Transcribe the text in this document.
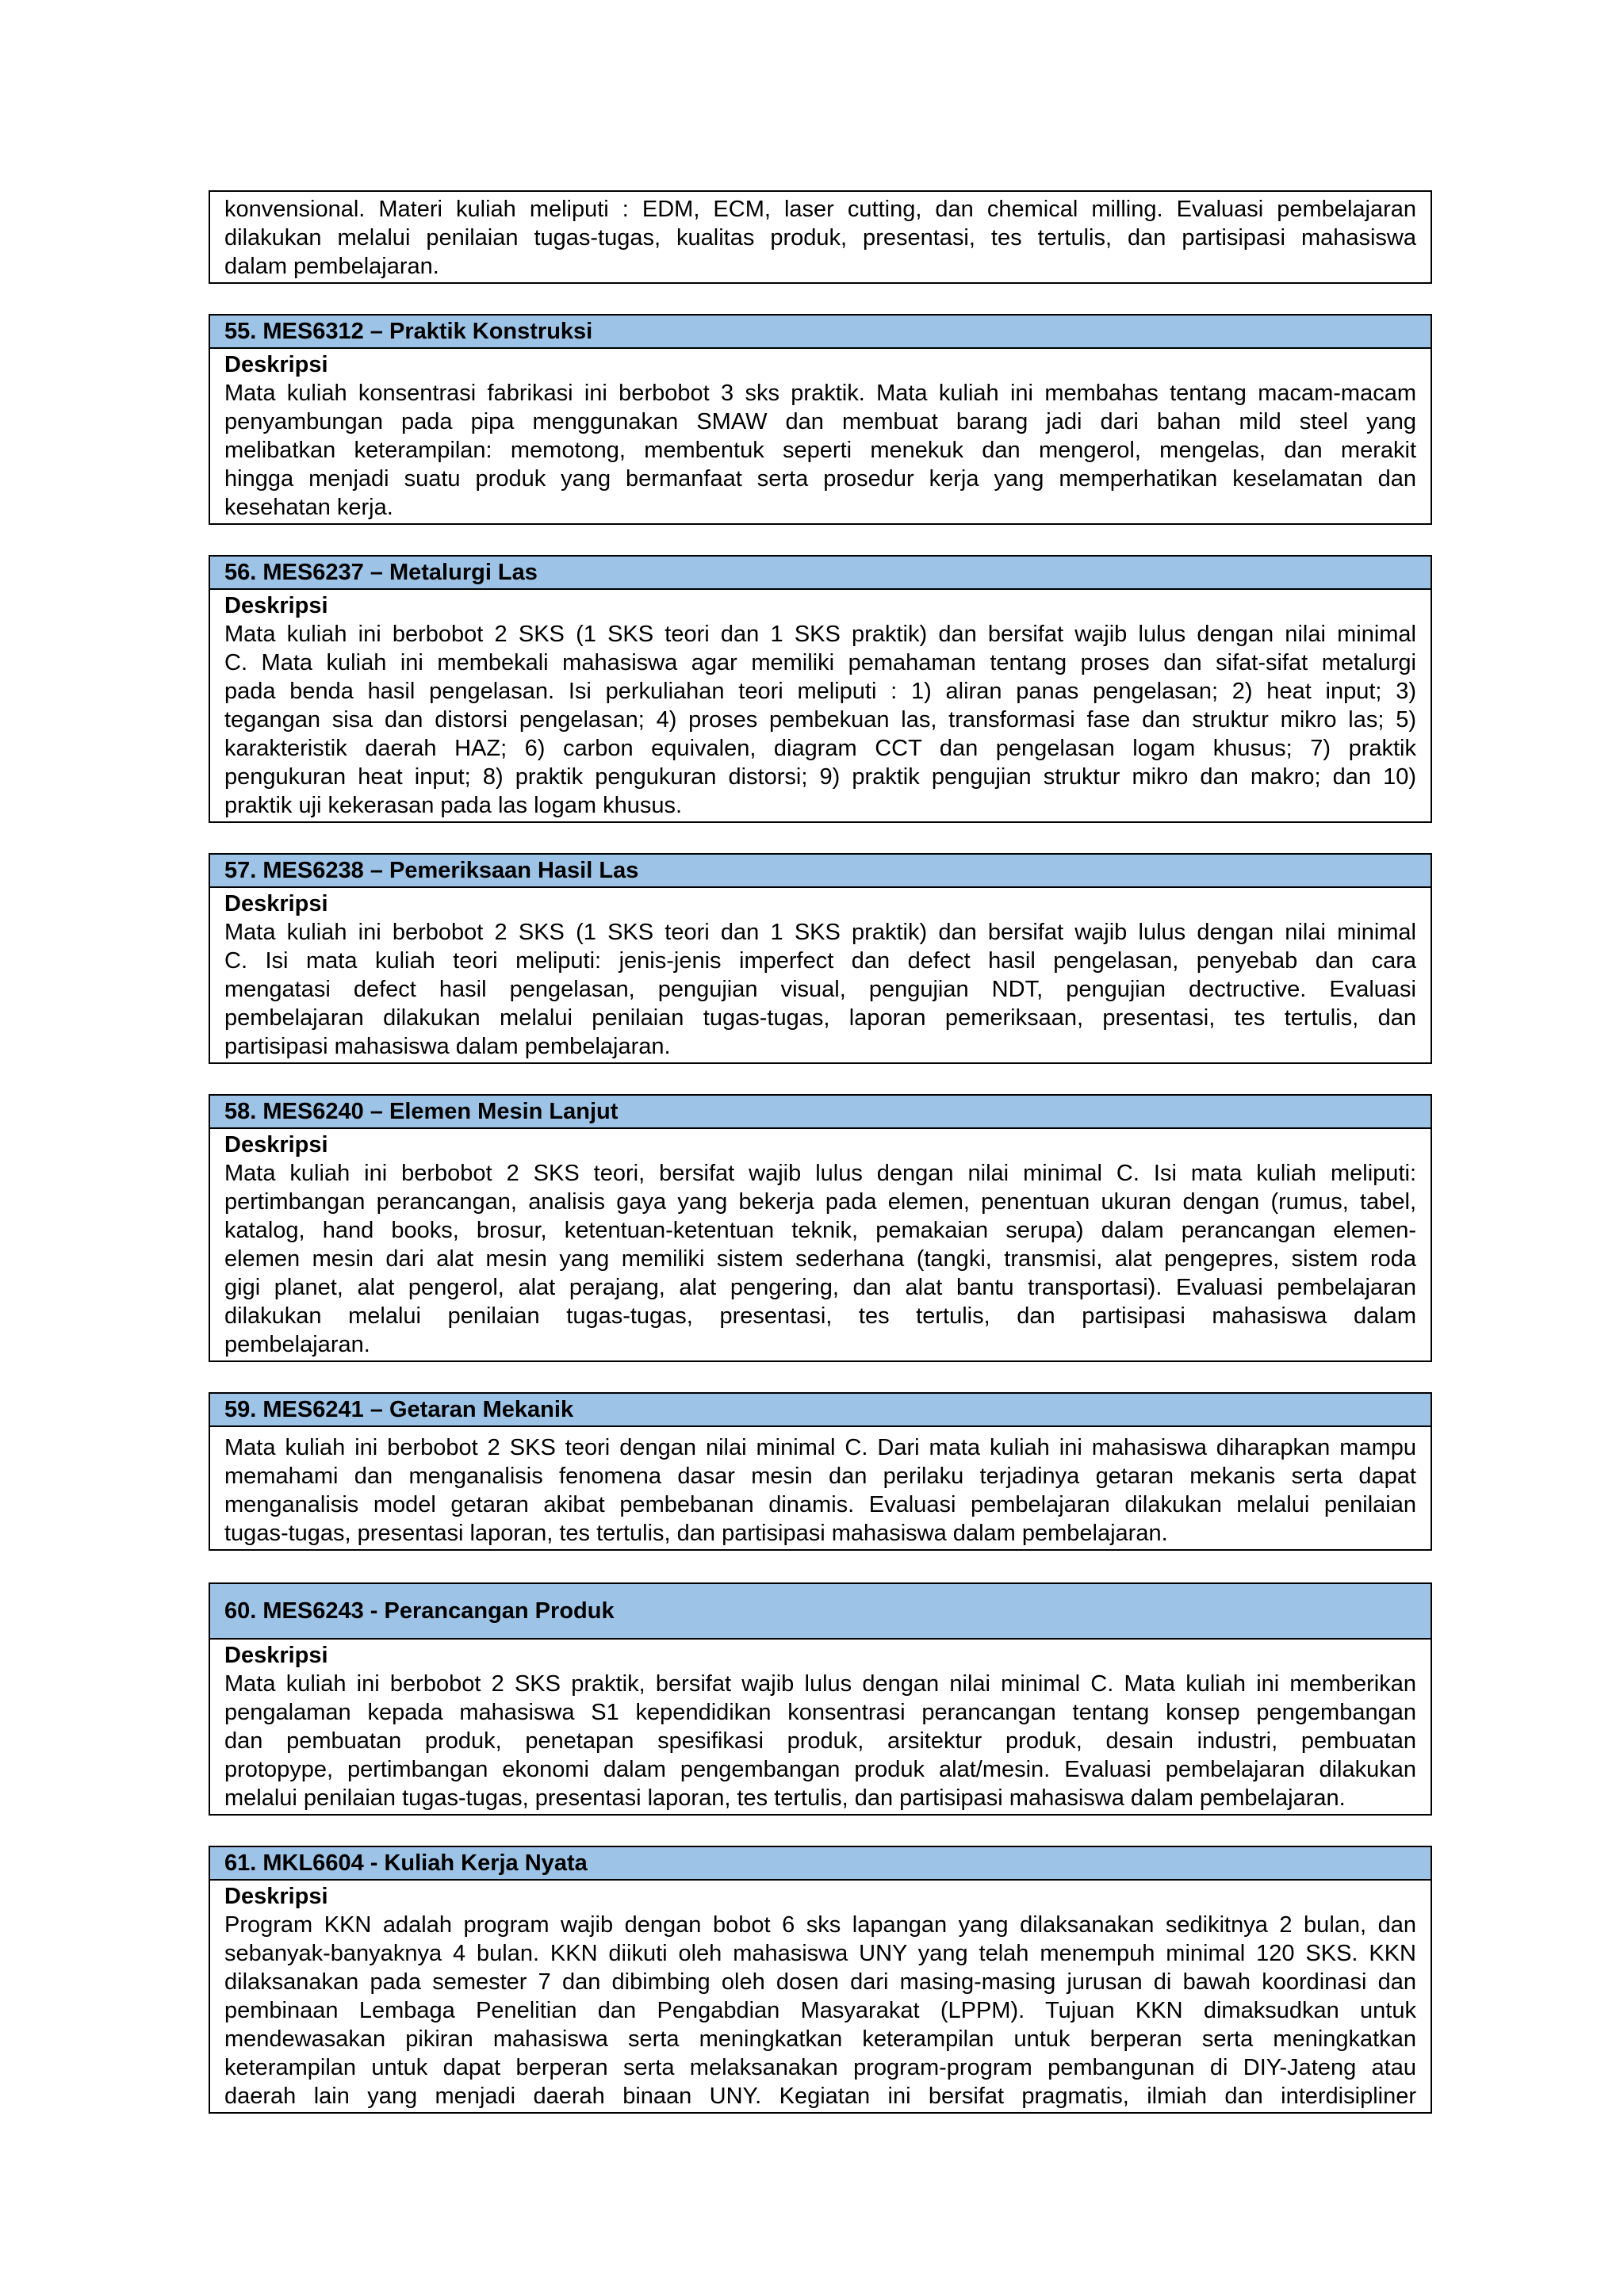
konvensional. Materi kuliah meliputi : EDM, ECM, laser cutting, dan chemical milling. Evaluasi pembelajaran
dilakukan melalui penilaian tugas-tugas, kualitas produk, presentasi, tes tertulis, dan partisipasi mahasiswa
dalam pembelajaran.
55. MES6312 – Praktik Konstruksi
Deskripsi
Mata kuliah konsentrasi fabrikasi ini berbobot 3 sks praktik. Mata kuliah ini membahas tentang macam-macam
penyambungan pada pipa menggunakan SMAW dan membuat barang jadi dari bahan mild steel yang
melibatkan keterampilan: memotong, membentuk seperti menekuk dan mengerol, mengelas, dan merakit
hingga menjadi suatu produk yang bermanfaat serta prosedur kerja yang memperhatikan keselamatan dan
kesehatan kerja.
56. MES6237 – Metalurgi Las
Deskripsi
Mata kuliah ini berbobot 2 SKS (1 SKS teori dan 1 SKS praktik) dan bersifat wajib lulus dengan nilai minimal
C. Mata kuliah ini membekali mahasiswa agar memiliki pemahaman tentang proses dan sifat-sifat metalurgi
pada benda hasil pengelasan. Isi perkuliahan teori meliputi : 1) aliran panas pengelasan; 2) heat input; 3)
tegangan sisa dan distorsi pengelasan; 4) proses pembekuan las, transformasi fase dan struktur mikro las; 5)
karakteristik daerah HAZ; 6) carbon equivalen, diagram CCT dan pengelasan logam khusus; 7) praktik
pengukuran heat input; 8) praktik pengukuran distorsi; 9) praktik pengujian struktur mikro dan makro; dan 10)
praktik uji kekerasan pada las logam khusus.
57. MES6238 – Pemeriksaan Hasil Las
Deskripsi
Mata kuliah ini berbobot 2 SKS (1 SKS teori dan 1 SKS praktik) dan bersifat wajib lulus dengan nilai minimal
C. Isi mata kuliah teori meliputi: jenis-jenis imperfect dan defect hasil pengelasan, penyebab dan cara
mengatasi defect hasil pengelasan, pengujian visual, pengujian NDT, pengujian dectructive. Evaluasi
pembelajaran dilakukan melalui penilaian tugas-tugas, laporan pemeriksaan, presentasi, tes tertulis, dan
partisipasi mahasiswa dalam pembelajaran.
58. MES6240 – Elemen Mesin Lanjut
Deskripsi
Mata kuliah ini berbobot 2 SKS teori, bersifat wajib lulus dengan nilai minimal C. Isi mata kuliah meliputi:
pertimbangan perancangan, analisis gaya yang bekerja pada elemen, penentuan ukuran dengan (rumus, tabel,
katalog, hand books, brosur, ketentuan-ketentuan teknik, pemakaian serupa) dalam perancangan elemen-
elemen mesin dari alat mesin yang memiliki sistem sederhana (tangki, transmisi, alat pengepres, sistem roda
gigi planet, alat pengerol, alat perajang, alat pengering, dan alat bantu transportasi). Evaluasi pembelajaran
dilakukan melalui penilaian tugas-tugas, presentasi, tes tertulis, dan partisipasi mahasiswa dalam
pembelajaran.
59. MES6241 – Getaran Mekanik
Mata kuliah ini berbobot 2 SKS teori dengan nilai minimal C. Dari mata kuliah ini mahasiswa diharapkan mampu
memahami dan menganalisis fenomena dasar mesin dan perilaku terjadinya getaran mekanis serta dapat
menganalisis model getaran akibat pembebanan dinamis. Evaluasi pembelajaran dilakukan melalui penilaian
tugas-tugas, presentasi laporan, tes tertulis, dan partisipasi mahasiswa dalam pembelajaran.
60. MES6243 - Perancangan Produk
Deskripsi
Mata kuliah ini berbobot 2 SKS praktik, bersifat wajib lulus dengan nilai minimal C. Mata kuliah ini memberikan
pengalaman kepada mahasiswa S1 kependidikan konsentrasi perancangan tentang konsep pengembangan
dan pembuatan produk, penetapan spesifikasi produk, arsitektur produk, desain industri, pembuatan
protopype, pertimbangan ekonomi dalam pengembangan produk alat/mesin. Evaluasi pembelajaran dilakukan
melalui penilaian tugas-tugas, presentasi laporan, tes tertulis, dan partisipasi mahasiswa dalam pembelajaran.
61. MKL6604 - Kuliah Kerja Nyata
Deskripsi
Program KKN adalah program wajib dengan bobot 6 sks lapangan yang dilaksanakan sedikitnya 2 bulan, dan
sebanyak-banyaknya 4 bulan. KKN diikuti oleh mahasiswa UNY yang telah menempuh minimal 120 SKS. KKN
dilaksanakan pada semester 7 dan dibimbing oleh dosen dari masing-masing jurusan di bawah koordinasi dan
pembinaan Lembaga Penelitian dan Pengabdian Masyarakat (LPPM). Tujuan KKN dimaksudkan untuk
mendewasakan pikiran mahasiswa serta meningkatkan keterampilan untuk berperan serta meningkatkan
keterampilan untuk dapat berperan serta melaksanakan program-program pembangunan di DIY-Jateng atau
daerah lain yang menjadi daerah binaan UNY. Kegiatan ini bersifat pragmatis, ilmiah dan interdisipliner
